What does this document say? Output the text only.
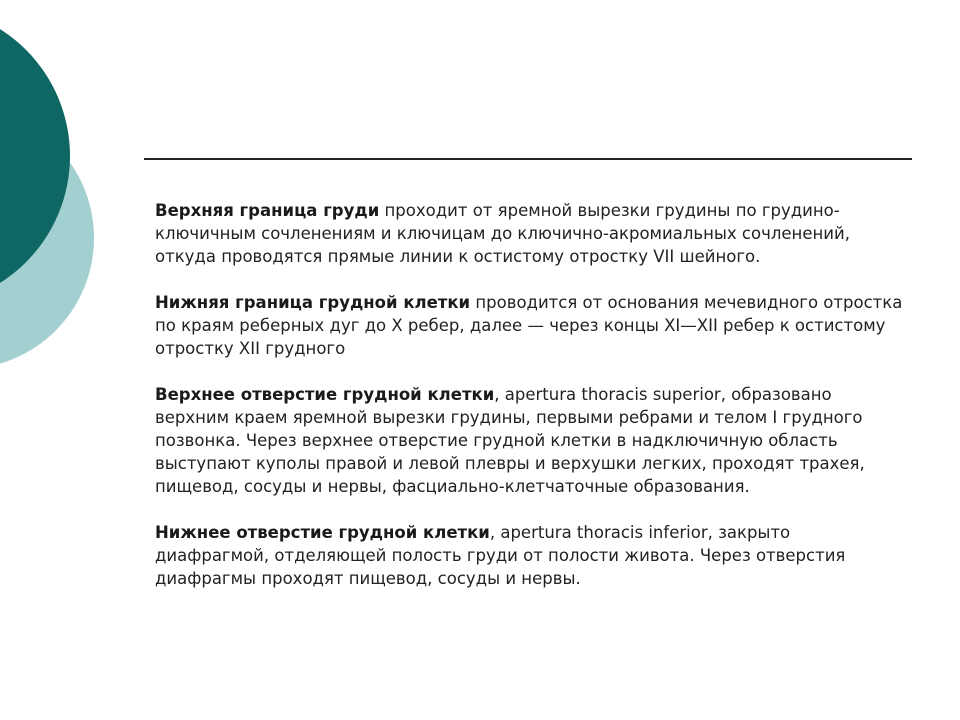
Верхняя граница груди проходит от яремной вырезки грудины по грудино-ключичным сочленениям и ключицам до ключично-акромиальных сочленений, откуда проводятся прямые линии к остистому отростку VII шейного.

Нижняя граница грудной клетки проводится от основания мечевидного отростка по краям реберных дуг до X ребер, далее — через концы XI—XII ребер к остистому отростку XII грудного

Верхнее отверстие грудной клетки, apertura thoracis superior, образовано верхним краем яремной вырезки грудины, первыми ребрами и телом I грудного позвонка. Через верхнее отверстие грудной клетки в надключичную область выступают куполы правой и левой плевры и верхушки легких, проходят трахея, пищевод, сосуды и нервы, фасциально-клетчаточные образования.

Нижнее отверстие грудной клетки, apertura thoracis inferior, закрыто диафрагмой, отделяющей полость груди от полости живота. Через отверстия диафрагмы проходят пищевод, сосуды и нервы.
